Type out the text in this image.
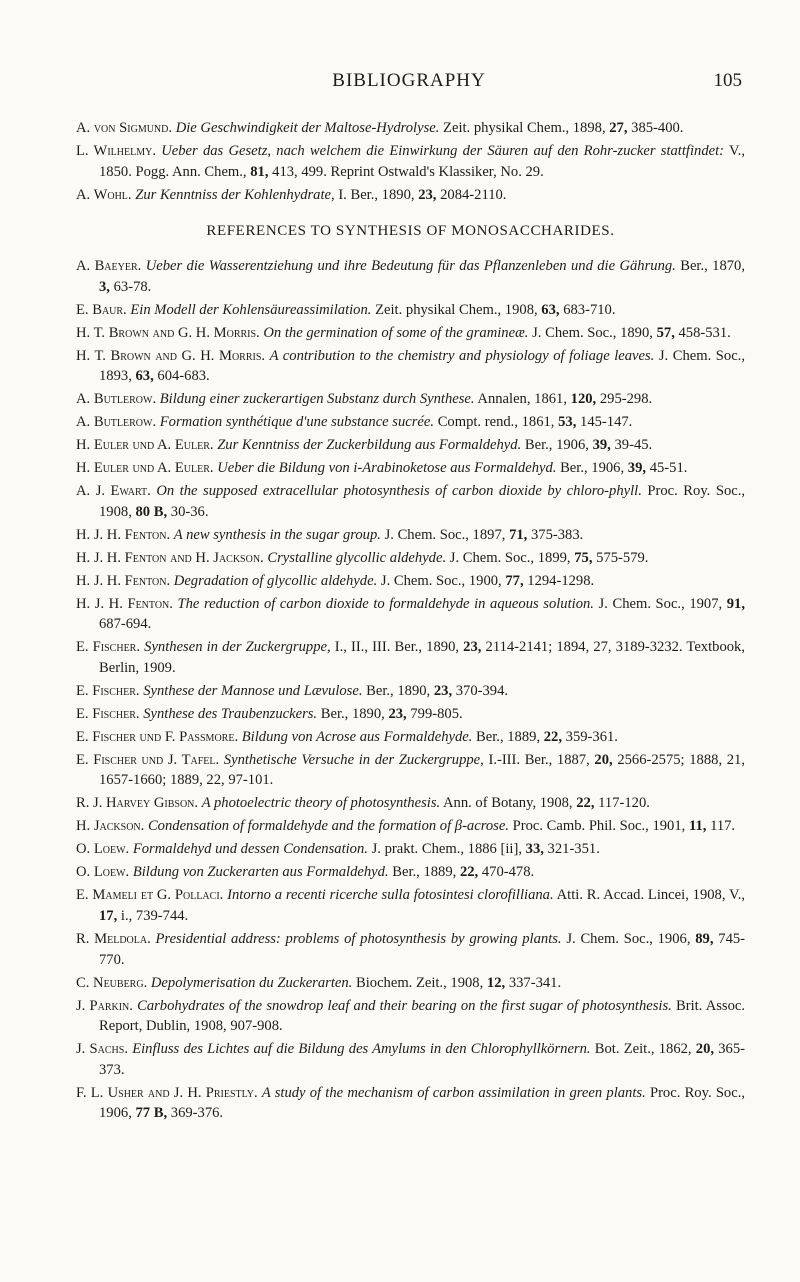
BIBLIOGRAPHY	105

A. von Sigmund. Die Geschwindigkeit der Maltose-Hydrolyse. Zeit. physikal Chem., 1898, 27, 385-400.

L. Wilhelmy. Ueber das Gesetz, nach welchem die Einwirkung der Säuren auf den Rohr-zucker stattfindet: V., 1850. Pogg. Ann. Chem., 81, 413, 499. Reprint Ostwald's Klassiker, No. 29.

A. Wohl. Zur Kenntniss der Kohlenhydrate, I. Ber., 1890, 23, 2084-2110.

REFERENCES TO SYNTHESIS OF MONOSACCHARIDES.

A. Baeyer. Ueber die Wasserentziehung und ihre Bedeutung für das Pflanzenleben und die Gährung. Ber., 1870, 3, 63-78.

E. Baur. Ein Modell der Kohlensäureassimilation. Zeit. physikal Chem., 1908, 63, 683-710.

H. T. Brown and G. H. Morris. On the germination of some of the gramineæ. J. Chem. Soc., 1890, 57, 458-531.

H. T. Brown and G. H. Morris. A contribution to the chemistry and physiology of foliage leaves. J. Chem. Soc., 1893, 63, 604-683.

A. Butlerow. Bildung einer zuckerartigen Substanz durch Synthese. Annalen, 1861, 120, 295-298.

A. Butlerow. Formation synthétique d'une substance sucrée. Compt. rend., 1861, 53, 145-147.

H. Euler und A. Euler. Zur Kenntniss der Zuckerbildung aus Formaldehyd. Ber., 1906, 39, 39-45.

H. Euler und A. Euler. Ueber die Bildung von i-Arabinoketose aus Formaldehyd. Ber., 1906, 39, 45-51.

A. J. Ewart. On the supposed extracellular photosynthesis of carbon dioxide by chloro-phyll. Proc. Roy. Soc., 1908, 80 B, 30-36.

H. J. H. Fenton. A new synthesis in the sugar group. J. Chem. Soc., 1897, 71, 375-383.

H. J. H. Fenton and H. Jackson. Crystalline glycollic aldehyde. J. Chem. Soc., 1899, 75, 575-579.

H. J. H. Fenton. Degradation of glycollic aldehyde. J. Chem. Soc., 1900, 77, 1294-1298.

H. J. H. Fenton. The reduction of carbon dioxide to formaldehyde in aqueous solution. J. Chem. Soc., 1907, 91, 687-694.

E. Fischer. Synthesen in der Zuckergruppe, I., II., III. Ber., 1890, 23, 2114-2141; 1894, 27, 3189-3232. Textbook, Berlin, 1909.

E. Fischer. Synthese der Mannose und Lævulose. Ber., 1890, 23, 370-394.

E. Fischer. Synthese des Traubenzuckers. Ber., 1890, 23, 799-805.

E. Fischer und F. Passmore. Bildung von Acrose aus Formaldehyde. Ber., 1889, 22, 359-361.

E. Fischer und J. Tafel. Synthetische Versuche in der Zuckergruppe, I.-III. Ber., 1887, 20, 2566-2575; 1888, 21, 1657-1660; 1889, 22, 97-101.

R. J. Harvey Gibson. A photoelectric theory of photosynthesis. Ann. of Botany, 1908, 22, 117-120.

H. Jackson. Condensation of formaldehyde and the formation of β-acrose. Proc. Camb. Phil. Soc., 1901, 11, 117.

O. Loew. Formaldehyd und dessen Condensation. J. prakt. Chem., 1886 [ii], 33, 321-351.

O. Loew. Bildung von Zuckerarten aus Formaldehyd. Ber., 1889, 22, 470-478.

E. Mameli et G. Pollaci. Intorno a recenti ricerche sulla fotosintesi clorofilliana. Atti. R. Accad. Lincei, 1908, V., 17, i., 739-744.

R. Meldola. Presidential address: problems of photosynthesis by growing plants. J. Chem. Soc., 1906, 89, 745-770.

C. Neuberg. Depolymerisation du Zuckerarten. Biochem. Zeit., 1908, 12, 337-341.

J. Parkin. Carbohydrates of the snowdrop leaf and their bearing on the first sugar of photosynthesis. Brit. Assoc. Report, Dublin, 1908, 907-908.

J. Sachs. Einfluss des Lichtes auf die Bildung des Amylums in den Chlorophyllkörnern. Bot. Zeit., 1862, 20, 365-373.

F. L. Usher and J. H. Priestly. A study of the mechanism of carbon assimilation in green plants. Proc. Roy. Soc., 1906, 77 B, 369-376.
